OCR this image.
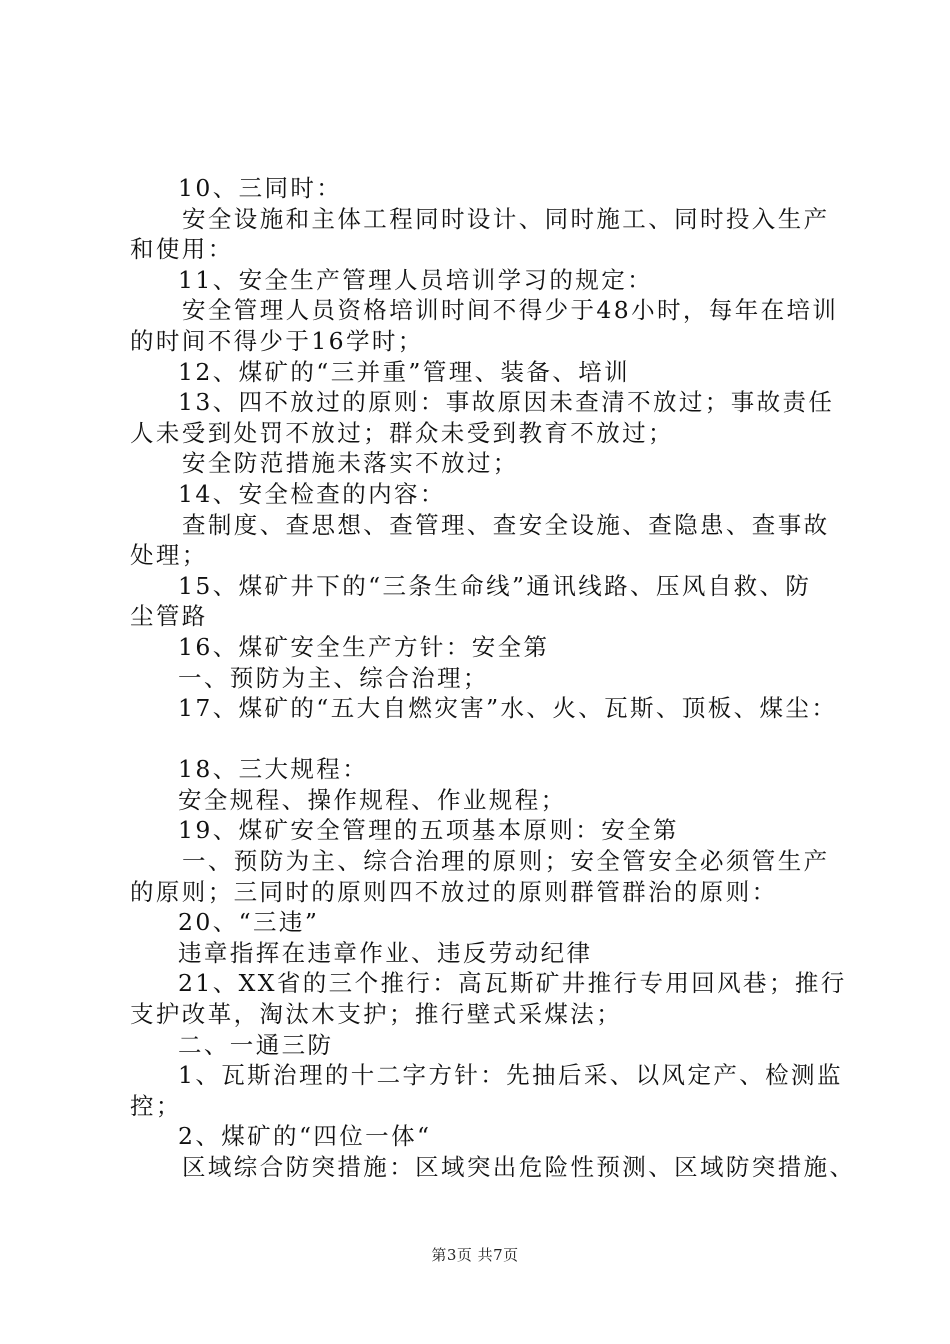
10、三同时：
安全设施和主体工程同时设计、同时施工、同时投入生产
和使用：
11、安全生产管理人员培训学习的规定：
安全管理人员资格培训时间不得少于48小时，每年在培训
的时间不得少于16学时；
12、煤矿的“三并重”管理、装备、培训
13、四不放过的原则：事故原因未查清不放过；事故责任
人未受到处罚不放过；群众未受到教育不放过；
安全防范措施未落实不放过；
14、安全检查的内容：
查制度、查思想、查管理、查安全设施、查隐患、查事故
处理；
15、煤矿井下的“三条生命线”通讯线路、压风自救、防
尘管路
16、煤矿安全生产方针：安全第
一、预防为主、综合治理；
17、煤矿的“五大自燃灾害”水、火、瓦斯、顶板、煤尘：
18、三大规程：
安全规程、操作规程、作业规程；
19、煤矿安全管理的五项基本原则：安全第
一、预防为主、综合治理的原则；安全管安全必须管生产
的原则；三同时的原则四不放过的原则群管群治的原则：
20、“三违”
违章指挥在违章作业、违反劳动纪律
21、XX省的三个推行：高瓦斯矿井推行专用回风巷；推行
支护改革，淘汰木支护；推行壁式采煤法；
二、一通三防
1、瓦斯治理的十二字方针：先抽后采、以风定产、检测监
控；
2、煤矿的“四位一体“
区域综合防突措施：区域突出危险性预测、区域防突措施、
第3页 共7页
